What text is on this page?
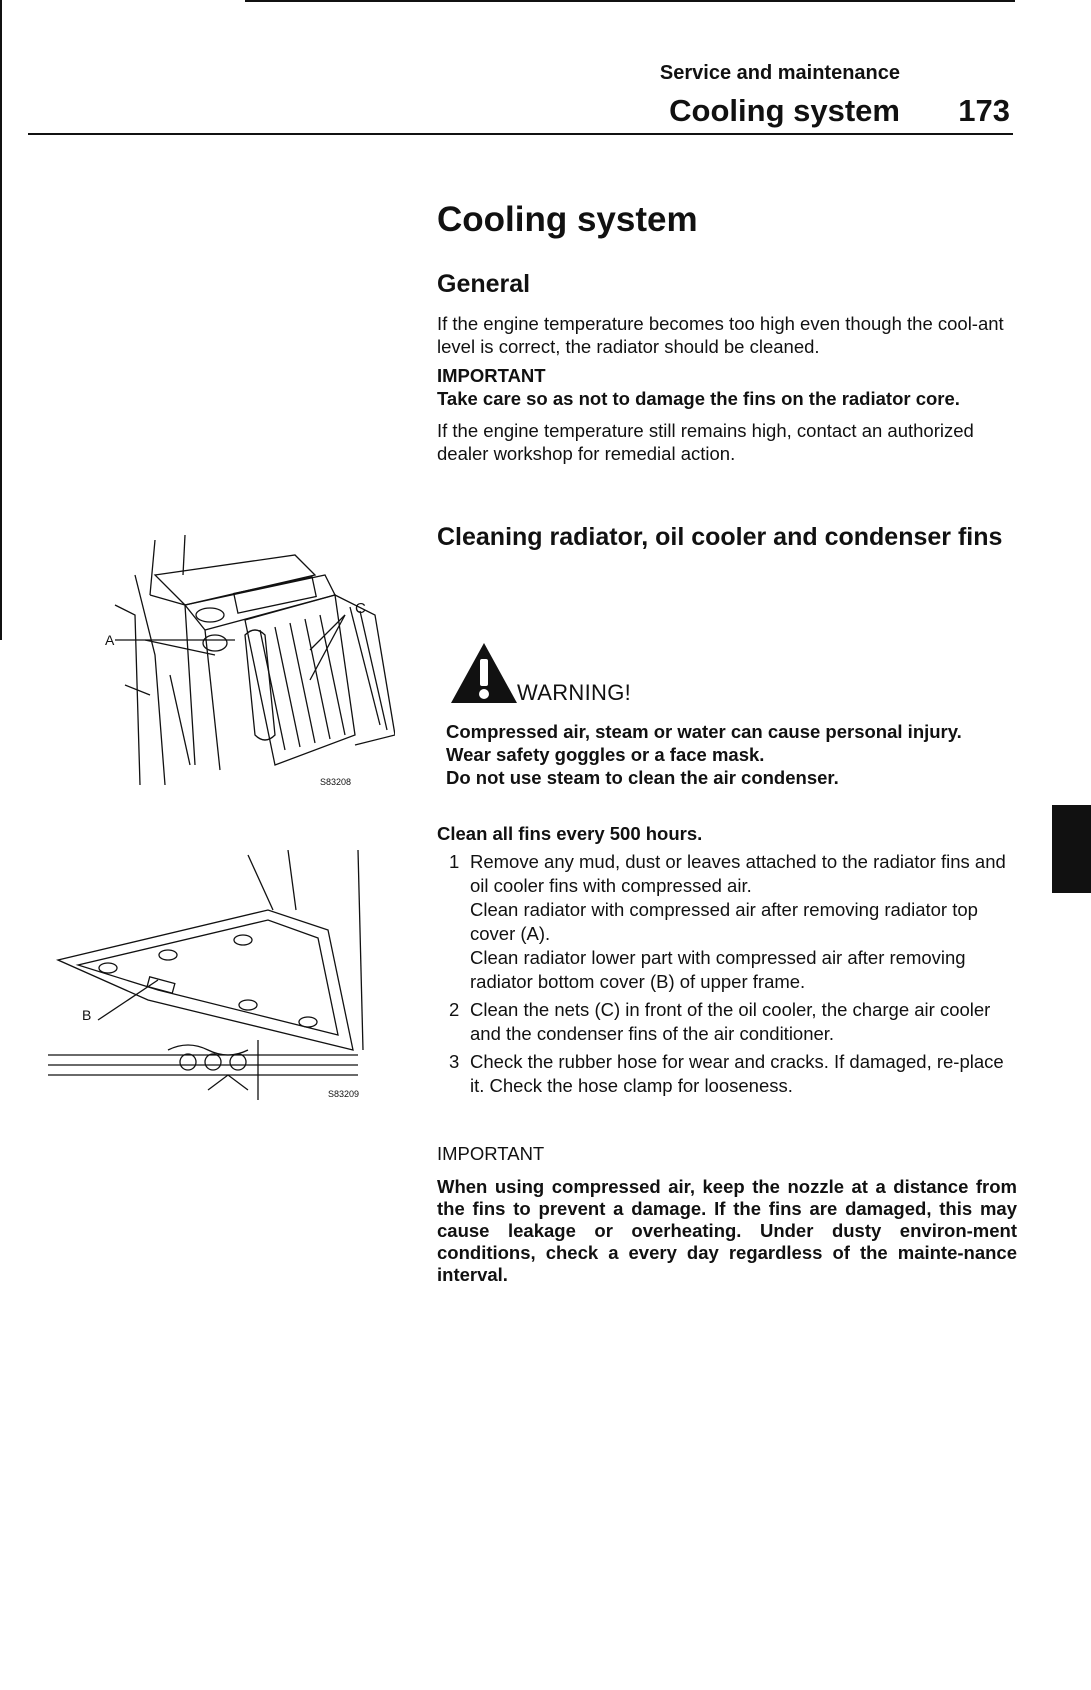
Service and maintenance
Cooling system 173
Cooling system
General
If the engine temperature becomes too high even though the cool-ant level is correct, the radiator should be cleaned.
IMPORTANT
Take care so as not to damage the fins on the radiator core.
If the engine temperature still remains high, contact an authorized dealer workshop for remedial action.
Cleaning radiator, oil cooler and condenser fins
WARNING!
Compressed air, steam or water can cause personal injury.
Wear safety goggles or a face mask.
Do not use steam to clean the air condenser.
Clean all fins every 500 hours.
1 Remove any mud, dust or leaves attached to the radiator fins and oil cooler fins with compressed air.
Clean radiator with compressed air after removing radiator top cover (A).
Clean radiator lower part with compressed air after removing radiator bottom cover (B) of upper frame.
2 Clean the nets (C) in front of the oil cooler, the charge air cooler and the condenser fins of the air conditioner.
3 Check the rubber hose for wear and cracks. If damaged, re-place it. Check the hose clamp for looseness.
IMPORTANT
When using compressed air, keep the nozzle at a distance from the fins to prevent a damage. If the fins are damaged, this may cause leakage or overheating. Under dusty environ-ment conditions, check a every day regardless of the mainte-nance interval.
A
C
S83208
B
S83209
